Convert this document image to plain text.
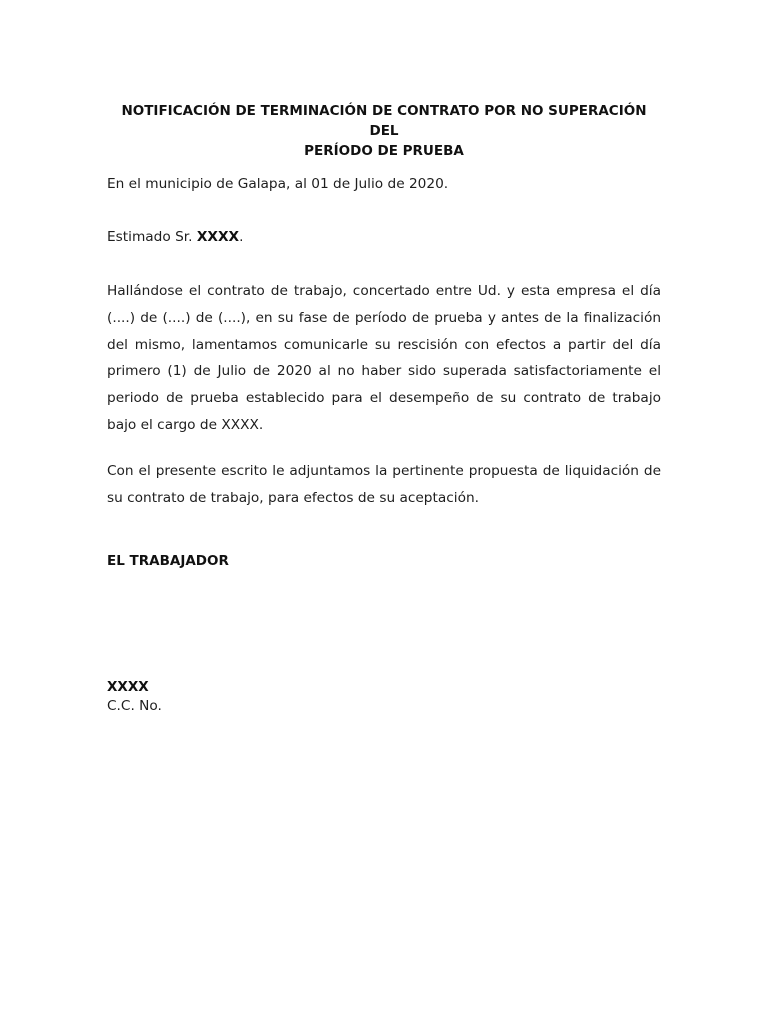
NOTIFICACIÓN DE TERMINACIÓN DE CONTRATO POR NO SUPERACIÓN DEL
PERÍODO DE PRUEBA
En el municipio de Galapa, al 01 de Julio de 2020.
Estimado Sr. XXXX.
Hallándose el contrato de trabajo, concertado entre Ud. y esta empresa el día (....) de (....) de (....), en su fase de período de prueba y antes de la finalización del mismo, lamentamos comunicarle su rescisión con efectos a partir del día primero (1) de Julio de 2020 al no haber sido superada satisfactoriamente el periodo de prueba establecido para el desempeño de su contrato de trabajo bajo el cargo de XXXX.
Con el presente escrito le adjuntamos la pertinente propuesta de liquidación de su contrato de trabajo, para efectos de su aceptación.
EL TRABAJADOR
XXXX
C.C. No.
